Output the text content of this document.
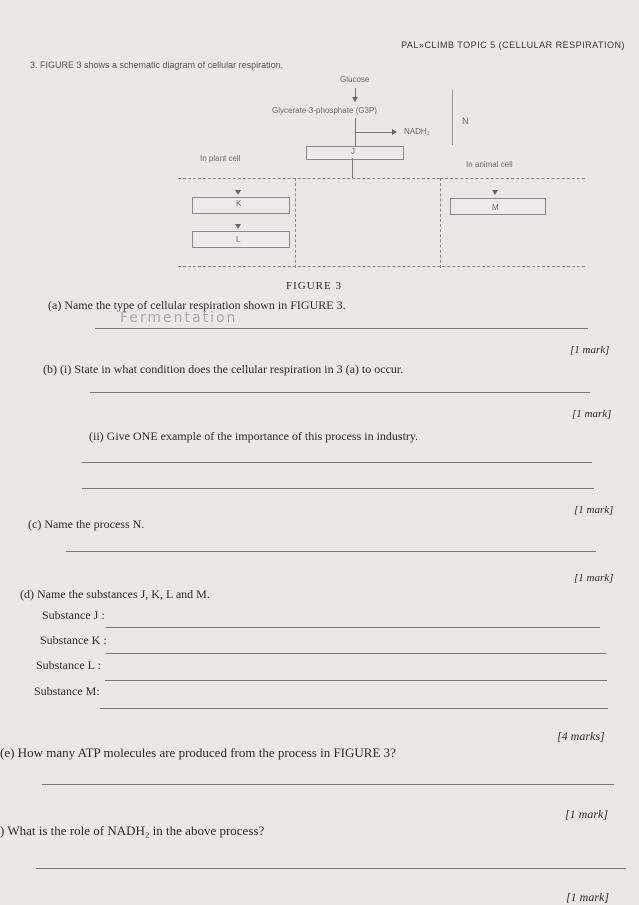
PAL»CLIMB TOPIC 5 (CELLULAR RESPIRATION)
3. FIGURE 3 shows a schematic diagram of cellular respiration.
Glucose
Glycerate-3-phosphate (G3P)
NADH₂
N
In plant cell
J
In animal cell
K	M
L
FIGURE 3
(a) Name the type of cellular respiration shown in FIGURE 3.
Fermentation
[1 mark]
(b) (i) State in what condition does the cellular respiration in 3 (a) to occur.
[1 mark]
(ii) Give ONE example of the importance of this process in industry.
[1 mark]
(c) Name the process N.
[1 mark]
(d) Name the substances J, K, L and M.
Substance J :
Substance K :
Substance L :
Substance M:
[4 marks]
(e) How many ATP molecules are produced from the process in FIGURE 3?
[1 mark]
) What is the role of NADH₂ in the above process?
[1 mark]
